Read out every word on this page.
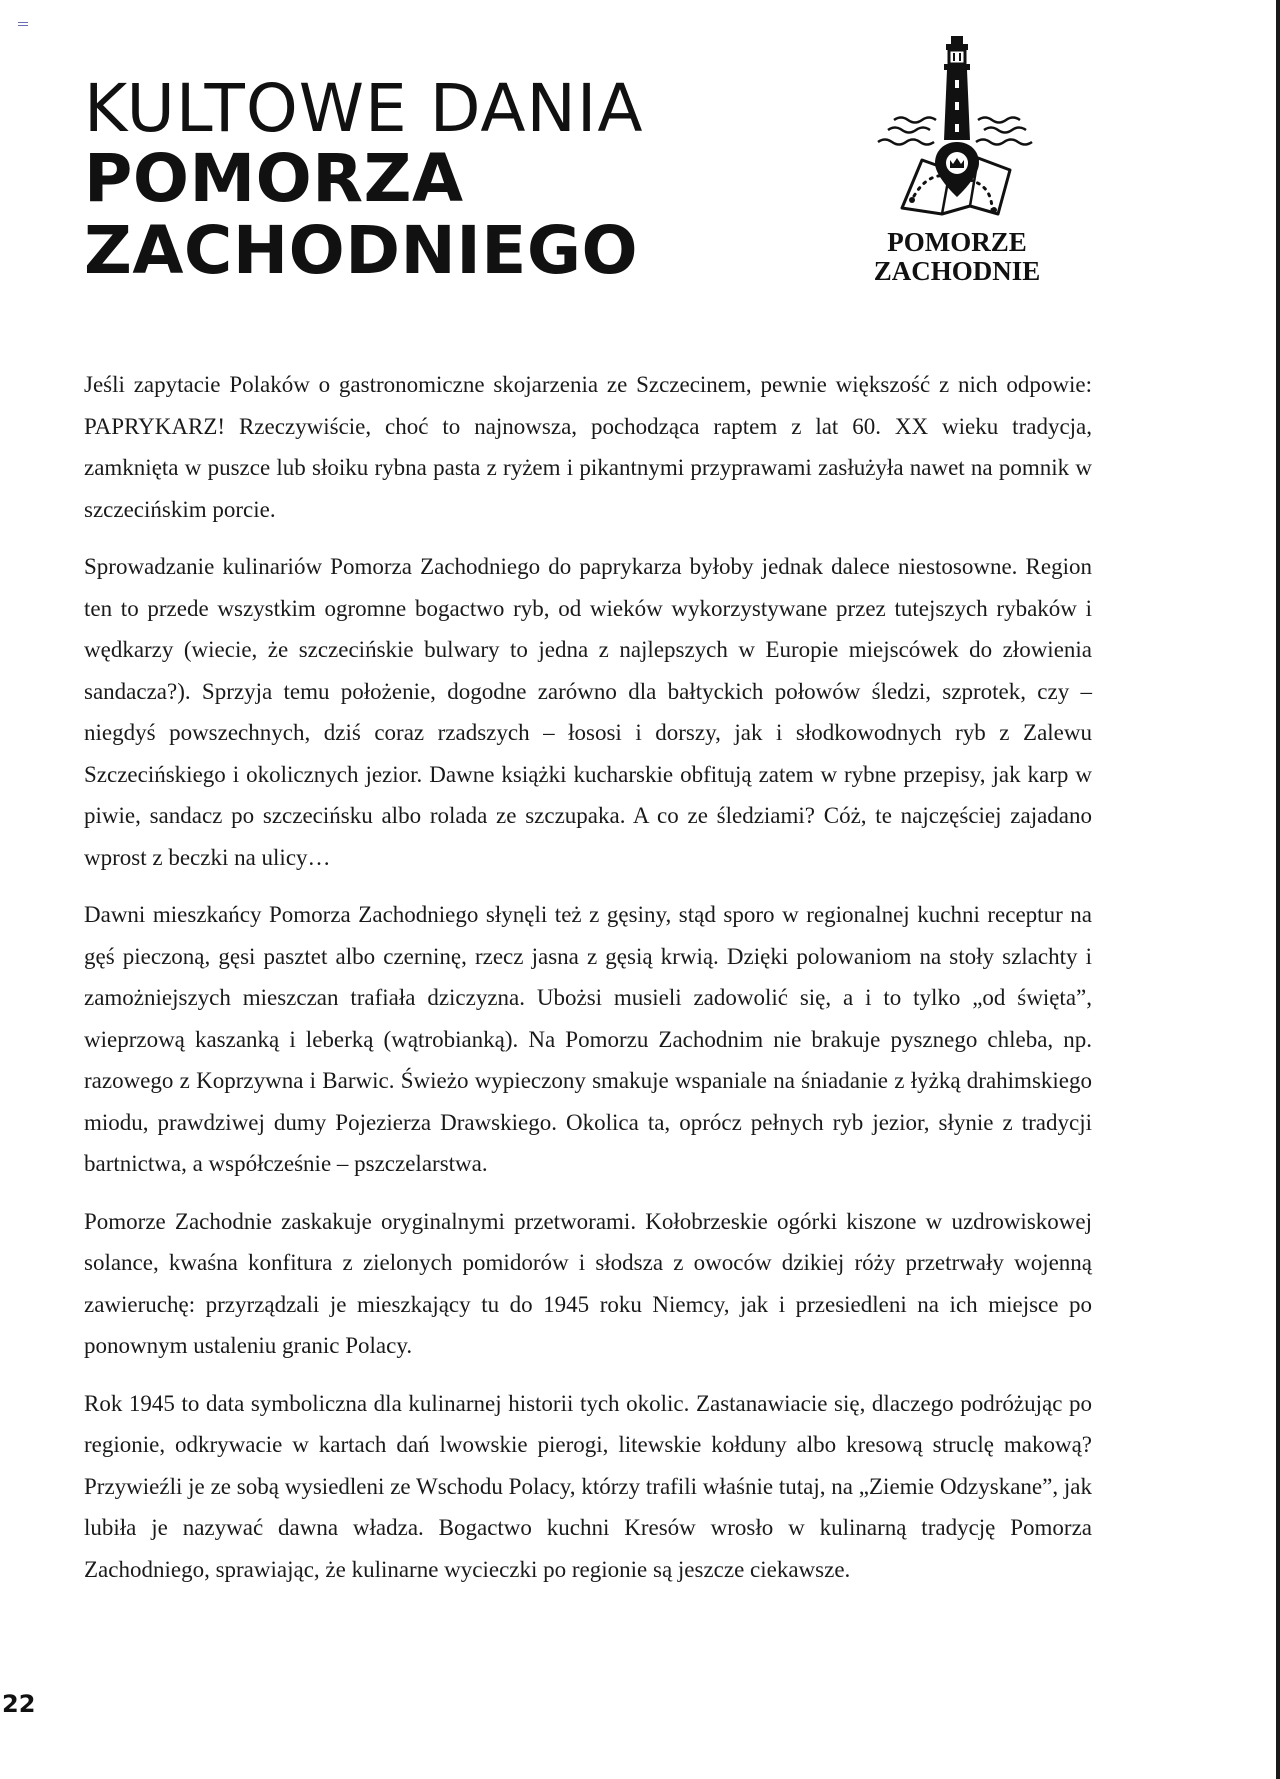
KULTOWE DANIA
POMORZA
ZACHODNIEGO	POMORZE
ZACHODNIE

Jeśli zapytacie Polaków o gastronomiczne skojarzenia ze Szczecinem, pewnie większość z nich odpowie: PAPRYKARZ! Rzeczywiście, choć to najnowsza, pochodząca raptem z lat 60. XX wieku tradycja, zamknięta w puszce lub słoiku rybna pasta z ryżem i pikantnymi przyprawami zasłużyła nawet na pomnik w szczecińskim porcie.

Sprowadzanie kulinariów Pomorza Zachodniego do paprykarza byłoby jednak dalece niestosowne. Region ten to przede wszystkim ogromne bogactwo ryb, od wieków wykorzystywane przez tutejszych rybaków i wędkarzy (wiecie, że szczecińskie bulwary to jedna z najlepszych w Europie miejscówek do złowienia sandacza?). Sprzyja temu położenie, dogodne zarówno dla bałtyckich połowów śledzi, szprotek, czy – niegdyś powszechnych, dziś coraz rzadszych – łososi i dorszy, jak i słodkowodnych ryb z Zalewu Szczecińskiego i okolicznych jezior. Dawne książki kucharskie obfitują zatem w rybne przepisy, jak karp w piwie, sandacz po szczecińsku albo rolada ze szczupaka. A co ze śledziami? Cóż, te najczęściej zajadano wprost z beczki na ulicy…

Dawni mieszkańcy Pomorza Zachodniego słynęli też z gęsiny, stąd sporo w regionalnej kuchni receptur na gęś pieczoną, gęsi pasztet albo czerninę, rzecz jasna z gęsią krwią. Dzięki polowaniom na stoły szlachty i zamożniejszych mieszczan trafiała dziczyzna. Ubożsi musieli zadowolić się, a i to tylko „od święta”, wieprzową kaszanką i leberką (wątrobianką). Na Pomorzu Zachodnim nie brakuje pysznego chleba, np. razowego z Koprzywna i Barwic. Świeżo wypieczony smakuje wspaniale na śniadanie z łyżką drahimskiego miodu, prawdziwej dumy Pojezierza Drawskiego. Okolica ta, oprócz pełnych ryb jezior, słynie z tradycji bartnictwa, a współcześnie – pszczelarstwa.

Pomorze Zachodnie zaskakuje oryginalnymi przetworami. Kołobrzeskie ogórki kiszone w uzdrowiskowej solance, kwaśna konfitura z zielonych pomidorów i słodsza z owoców dzikiej róży przetrwały wojenną zawieruchę: przyrządzali je mieszkający tu do 1945 roku Niemcy, jak i przesiedleni na ich miejsce po ponownym ustaleniu granic Polacy.

Rok 1945 to data symboliczna dla kulinarnej historii tych okolic. Zastanawiacie się, dlaczego podróżując po regionie, odkrywacie w kartach dań lwowskie pierogi, litewskie kołduny albo kresową struclę makową? Przywieźli je ze sobą wysiedleni ze Wschodu Polacy, którzy trafili właśnie tutaj, na „Ziemie Odzyskane”, jak lubiła je nazywać dawna władza. Bogactwo kuchni Kresów wrosło w kulinarną tradycję Pomorza Zachodniego, sprawiając, że kulinarne wycieczki po regionie są jeszcze ciekawsze.

22
